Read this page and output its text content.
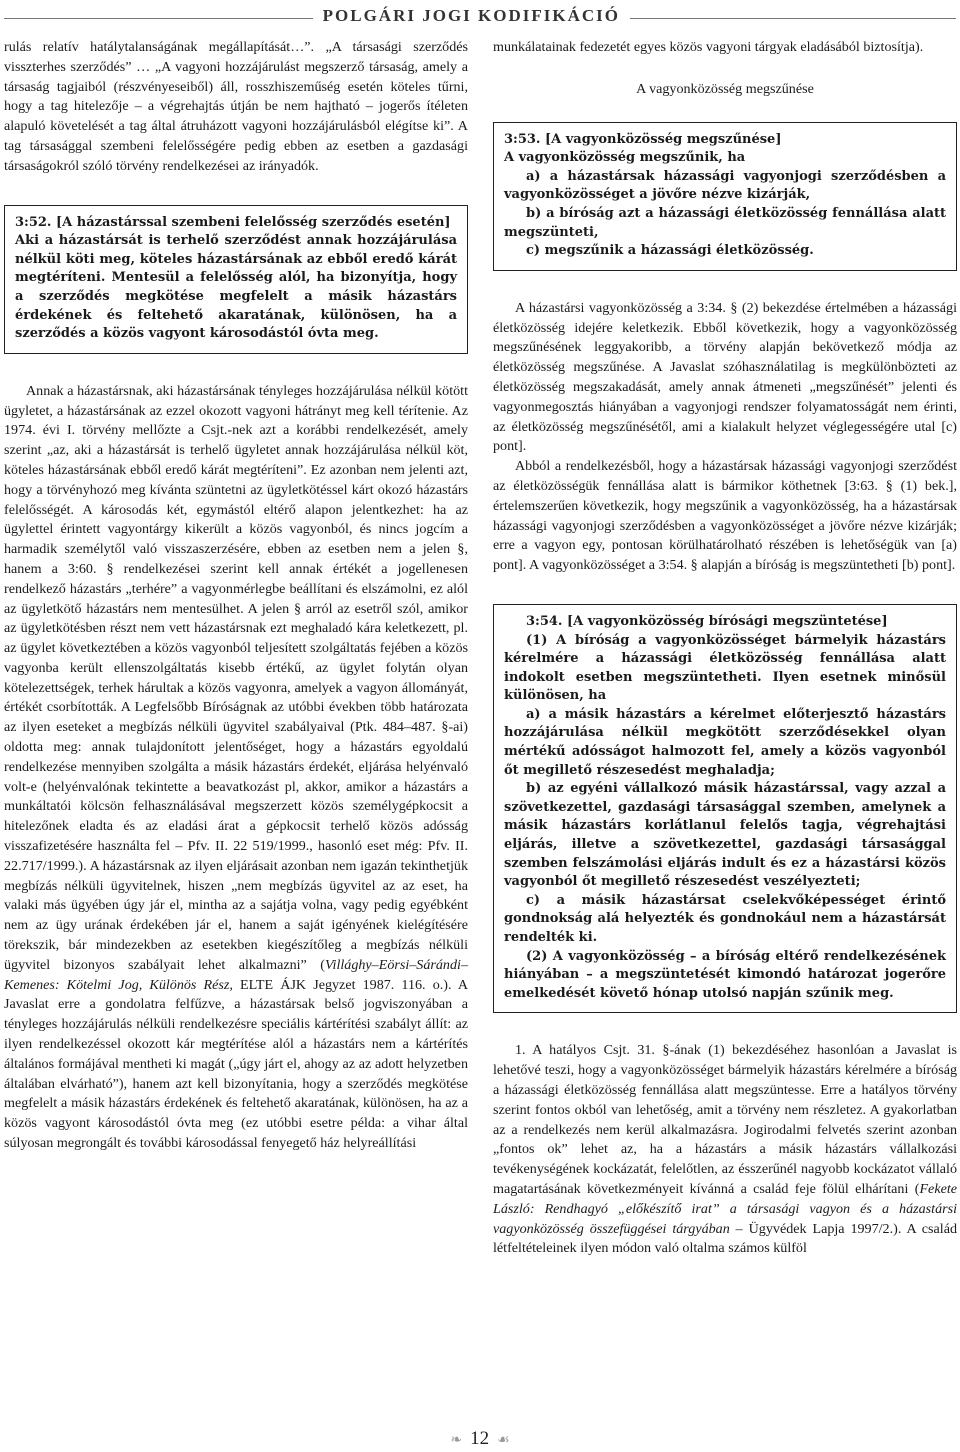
POLGÁRI JOGI KODIFIKÁCIÓ

rulás relatív hatálytalanságának megállapítását…”. „A társasági szerződés visszterhes szerződés” … „A vagyoni hozzájárulást megszerző társaság, amely a társaság tagjaiból (részvényeseiből) áll, rosszhiszeműség esetén köteles tűrni, hogy a tag hitelezője – a végrehajtás útján be nem hajtható – jogerős ítéleten alapuló követelését a tag által átruházott vagyoni hozzájárulásból elégítse ki”. A tag társasággal szembeni felelősségére pedig ebben az esetben a gazdasági társaságokról szóló törvény rendelkezései az irányadók.

3:52. [A házastárssal szembeni felelősség szerződés esetén]
Aki a házastársát is terhelő szerződést annak hozzájárulása nélkül köti meg, köteles házastársának az ebből eredő kárát megtéríteni. Mentesül a felelősség alól, ha bizonyítja, hogy a szerződés megkötése megfelelt a másik házastárs érdekének és feltehető akaratának, különösen, ha a szerződés a közös vagyont károsodástól óvta meg.

Annak a házastársnak, aki házastársának tényleges hozzájárulása nélkül kötött ügyletet, a házastársának az ezzel okozott vagyoni hátrányt meg kell térítenie. Az 1974. évi I. törvény mellőzte a Csjt.-nek azt a korábbi rendelkezését, amely szerint „az, aki a házastársát is terhelő ügyletet annak hozzájárulása nélkül köt, köteles házastársának ebből eredő kárát megtéríteni”. Ez azonban nem jelenti azt, hogy a törvényhozó meg kívánta szüntetni az ügyletkötéssel kárt okozó házastárs felelősségét. A károsodás két, egymástól eltérő alapon jelentkezhet: ha az ügylettel érintett vagyontárgy kikerült a közös vagyonból, és nincs jogcím a harmadik személytől való visszaszerzésére, ebben az esetben nem a jelen §, hanem a 3:60. § rendelkezései szerint kell annak értékét a jogellenesen rendelkező házastárs „terhére” a vagyonmérlegbe beállítani és elszámolni, ez alól az ügyletkötő házastárs nem mentesülhet. A jelen § arról az esetről szól, amikor az ügyletkötésben részt nem vett házastársnak ezt meghaladó kára keletkezett, pl. az ügylet következtében a közös vagyonból teljesített szolgáltatás fejében a közös vagyonba került ellenszolgáltatás kisebb értékű, az ügylet folytán olyan kötelezettségek, terhek hárultak a közös vagyonra, amelyek a vagyon állományát, értékét csorbították. A Legfelsőbb Bíróságnak az utóbbi években több határozata az ilyen eseteket a megbízás nélküli ügyvitel szabályaival (Ptk. 484–487. §-ai) oldotta meg: annak tulajdonított jelentőséget, hogy a házastárs egyoldalú rendelkezése mennyiben szolgálta a másik házastárs érdekét, eljárása helyénvaló volt-e (helyénvalónak tekintette a beavatkozást pl, akkor, amikor a házastárs a munkáltatói kölcsön felhasználásával megszerzett közös személygépkocsit a hitelezőnek eladta és az eladási árat a gépkocsit terhelő közös adósság visszafizetésére használta fel – Pfv. II. 22 519/1999., hasonló eset még: Pfv. II. 22.717/1999.). A házastársnak az ilyen eljárásait azonban nem igazán tekinthetjük megbízás nélküli ügyvitelnek, hiszen „nem megbízás ügyvitel az az eset, ha valaki más ügyében úgy jár el, mintha az a sajátja volna, vagy pedig egyébként nem az ügy urának érdekében jár el, hanem a saját igényének kielégítésére törekszik, bár mindezekben az esetekben kiegészítőleg a megbízás nélküli ügyvitel bizonyos szabályait lehet alkalmazni” (Villághy–Eörsi–Sárándi–Kemenes: Kötelmi Jog, Különös Rész, ELTE ÁJK Jegyzet 1987. 116. o.). A Javaslat erre a gondolatra felfűzve, a házastársak belső jogviszonyában a tényleges hozzájárulás nélküli rendelkezésre speciális kártérítési szabályt állít: az ilyen rendelkezéssel okozott kár megtérítése alól a házastárs nem a kártérítés általános formájával mentheti ki magát („úgy járt el, ahogy az az adott helyzetben általában elvárható”), hanem azt kell bizonyítania, hogy a szerződés megkötése megfelelt a másik házastárs érdekének és feltehető akaratának, különösen, ha az a közös vagyont károsodástól óvta meg (ez utóbbi esetre példa: a vihar által súlyosan megrongált és további károsodással fenyegető ház helyreállítási

munkálatainak fedezetét egyes közös vagyoni tárgyak eladásából biztosítja).

A vagyonközösség megszűnése

3:53. [A vagyonközösség megszűnése]
A vagyonközösség megszűnik, ha
a) a házastársak házassági vagyonjogi szerződésben a vagyonközösséget a jövőre nézve kizárják,
b) a bíróság azt a házassági életközösség fennállása alatt megszünteti,
c) megszűnik a házassági életközösség.

A házastársi vagyonközösség a 3:34. § (2) bekezdése értelmében a házassági életközösség idejére keletkezik. Ebből következik, hogy a vagyonközösség megszűnésének leggyakoribb, a törvény alapján bekövetkező módja az életközösség megszűnése. A Javaslat szóhasználatilag is megkülönbözteti az életközösség megszakadását, amely annak átmeneti „megszűnését” jelenti és vagyonmegosztás hiányában a vagyonjogi rendszer folyamatosságát nem érinti, az életközösség megszűnésétől, ami a kialakult helyzet véglegességére utal [c) pont].

Abból a rendelkezésből, hogy a házastársak házassági vagyonjogi szerződést az életközösségük fennállása alatt is bármikor köthetnek [3:63. § (1) bek.], értelemszerűen következik, hogy megszűnik a vagyonközösség, ha a házastársak házassági vagyonjogi szerződésben a vagyonközösséget a jövőre nézve kizárják; erre a vagyon egy, pontosan körülhatárolható részében is lehetőségük van [a) pont]. A vagyonközösséget a 3:54. § alapján a bíróság is megszüntetheti [b) pont].

3:54. [A vagyonközösség bírósági megszüntetése]
(1) A bíróság a vagyonközösséget bármelyik házastárs kérelmére a házassági életközösség fennállása alatt indokolt esetben megszüntetheti. Ilyen esetnek minősül különösen, ha
a) a másik házastárs a kérelmet előterjesztő házastárs hozzájárulása nélkül megkötött szerződésekkel olyan mértékű adósságot halmozott fel, amely a közös vagyonból őt megillető részesedést meghaladja;
b) az egyéni vállalkozó másik házastárssal, vagy azzal a szövetkezettel, gazdasági társasággal szemben, amelynek a másik házastárs korlátlanul felelős tagja, végrehajtási eljárás, illetve a szövetkezettel, gazdasági társasággal szemben felszámolási eljárás indult és ez a házastársi közös vagyonból őt megillető részesedést veszélyezteti;
c) a másik házastársat cselekvőképességet érintő gondnokság alá helyezték és gondnokául nem a házastársát rendelték ki.
(2) A vagyonközösség – a bíróság eltérő rendelkezésének hiányában – a megszüntetését kimondó határozat jogerőre emelkedését követő hónap utolsó napján szűnik meg.

1. A hatályos Csjt. 31. §-ának (1) bekezdéséhez hasonlóan a Javaslat is lehetővé teszi, hogy a vagyonközösséget bármelyik házastárs kérelmére a bíróság a házassági életközösség fennállása alatt megszüntesse. Erre a hatályos törvény szerint fontos okból van lehetőség, amit a törvény nem részletez. A gyakorlatban az a rendelkezés nem kerül alkalmazásra. Jogirodalmi felvetés szerint azonban „fontos ok” lehet az, ha a házastárs a másik házastárs vállalkozási tevékenységének kockázatát, felelőtlen, az ésszerűnél nagyobb kockázatot vállaló magatartásának következményeit kívánná a család feje fölül elhárítani (Fekete László: Rendhagyó „előkészítő irat” a társasági vagyon és a házastársi vagyonközösség összefüggései tárgyában – Ügyvédek Lapja 1997/2.). A család létfeltételeinek ilyen módon való oltalma számos külföl

❧ 12 ☙
